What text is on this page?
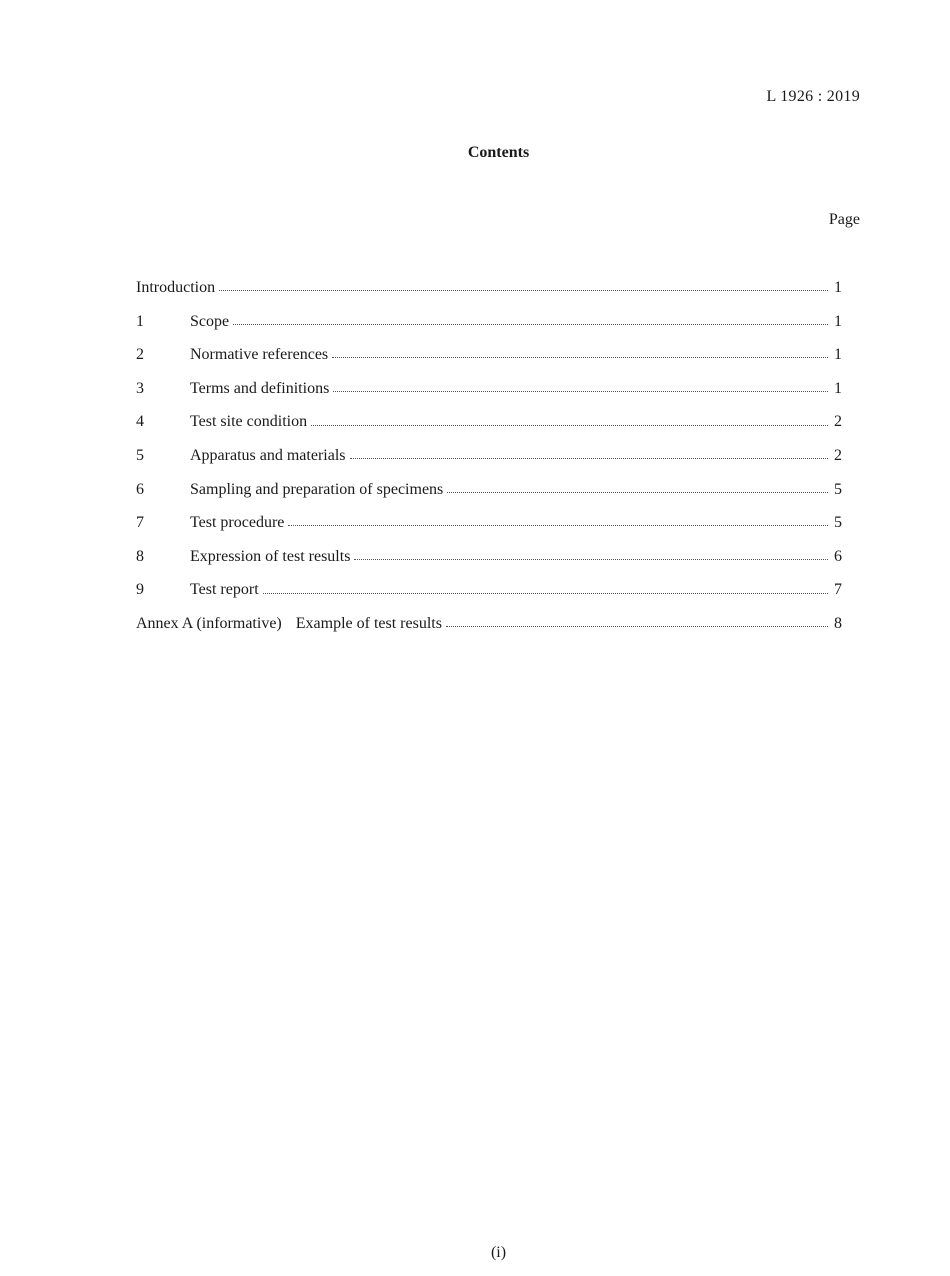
L 1926 : 2019
Contents
Page
Introduction	1
1	Scope	1
2	Normative references	1
3	Terms and definitions	1
4	Test site condition	2
5	Apparatus and materials	2
6	Sampling and preparation of specimens	5
7	Test procedure	5
8	Expression of test results	6
9	Test report	7
Annex A (informative) Example of test results	8
(i)
